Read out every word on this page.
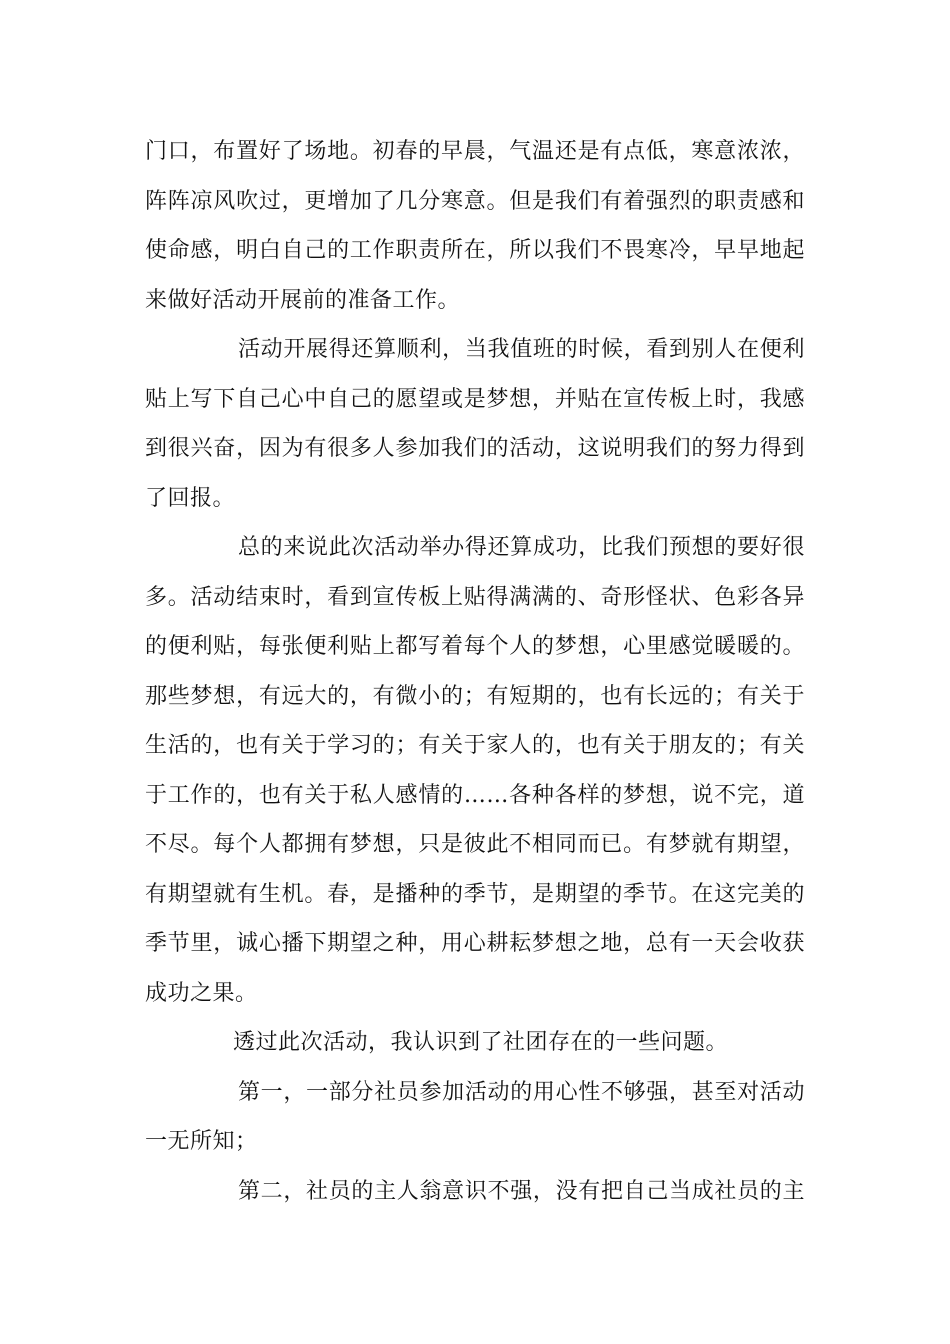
门口，布置好了场地。初春的早晨，气温还是有点低，寒意浓浓，
阵阵凉风吹过，更增加了几分寒意。但是我们有着强烈的职责感和
使命感，明白自己的工作职责所在，所以我们不畏寒冷，早早地起
来做好活动开展前的准备工作。
活动开展得还算顺利，当我值班的时候，看到别人在便利
贴上写下自己心中自己的愿望或是梦想，并贴在宣传板上时，我感
到很兴奋，因为有很多人参加我们的活动，这说明我们的努力得到
了回报。
总的来说此次活动举办得还算成功，比我们预想的要好很
多。活动结束时，看到宣传板上贴得满满的、奇形怪状、色彩各异
的便利贴，每张便利贴上都写着每个人的梦想，心里感觉暖暖的。
那些梦想，有远大的，有微小的；有短期的，也有长远的；有关于
生活的，也有关于学习的；有关于家人的，也有关于朋友的；有关
于工作的，也有关于私人感情的……各种各样的梦想，说不完，道
不尽。每个人都拥有梦想，只是彼此不相同而已。有梦就有期望，
有期望就有生机。春，是播种的季节，是期望的季节。在这完美的
季节里，诚心播下期望之种，用心耕耘梦想之地，总有一天会收获
成功之果。
透过此次活动，我认识到了社团存在的一些问题。
第一，一部分社员参加活动的用心性不够强，甚至对活动
一无所知；
第二，社员的主人翁意识不强，没有把自己当成社员的主
